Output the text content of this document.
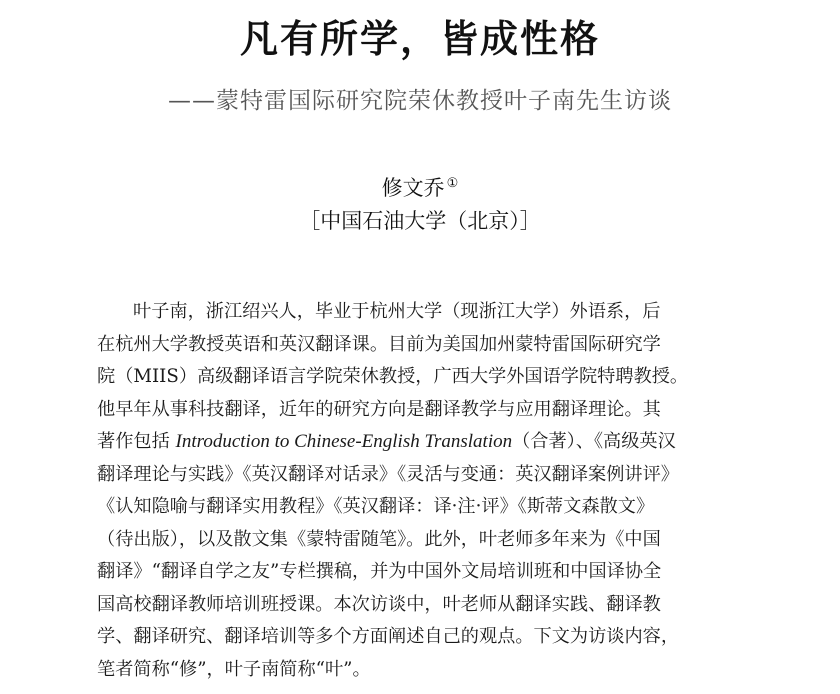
凡有所学，皆成性格
——蒙特雷国际研究院荣休教授叶子南先生访谈
修文乔 ①
［中国石油大学（北京）］
叶子南，浙江绍兴人，毕业于杭州大学（现浙江大学）外语系，后
在杭州大学教授英语和英汉翻译课。目前为美国加州蒙特雷国际研究学
院（MIIS）高级翻译语言学院荣休教授，广西大学外国语学院特聘教授。
他早年从事科技翻译，近年的研究方向是翻译教学与应用翻译理论。其
著作包括 Introduction to Chinese-English Translation（合著）、《高级英汉
翻译理论与实践》《英汉翻译对话录》《灵活与变通：英汉翻译案例讲评》
《认知隐喻与翻译实用教程》《英汉翻译：译·注·评》《斯蒂文森散文》
（待出版），以及散文集《蒙特雷随笔》。此外，叶老师多年来为《中国
翻译》“翻译自学之友”专栏撰稿，并为中国外文局培训班和中国译协全
国高校翻译教师培训班授课。本次访谈中，叶老师从翻译实践、翻译教
学、翻译研究、翻译培训等多个方面阐述自己的观点。下文为访谈内容，
笔者简称“修”，叶子南简称“叶”。
